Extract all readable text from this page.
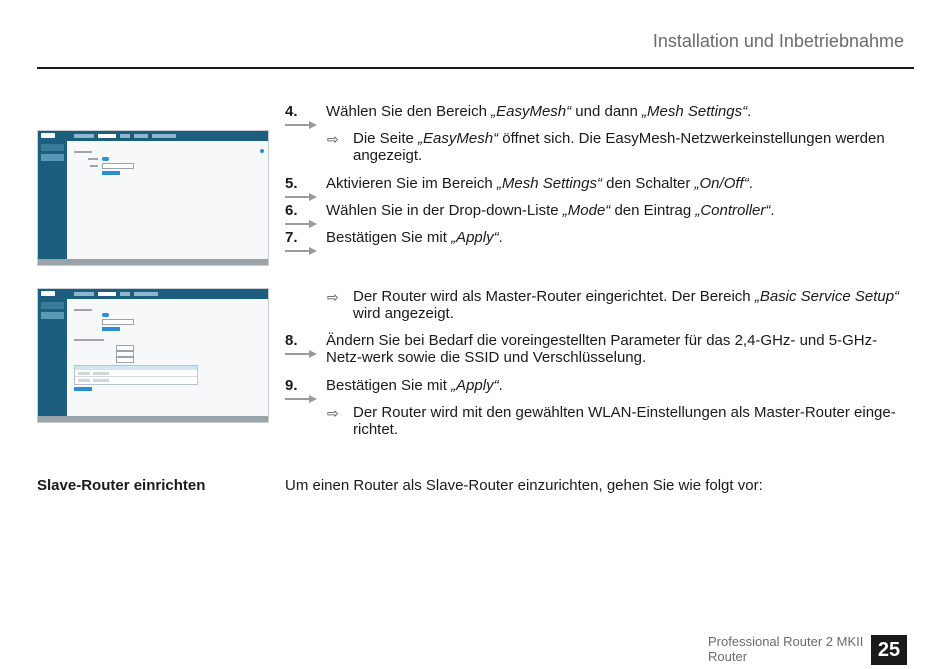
Installation und Inbetriebnahme
4.	Wählen Sie den Bereich „EasyMesh“ und dann „Mesh Settings“.
⇨ Die Seite „EasyMesh“ öffnet sich. Die EasyMesh-Netzwerkeinstellungen werden angezeigt.
5.	Aktivieren Sie im Bereich „Mesh Settings“ den Schalter „On/Off“.
6.	Wählen Sie in der Drop-down-Liste „Mode“ den Eintrag „Controller“.
7.	Bestätigen Sie mit „Apply“.
⇨ Der Router wird als Master-Router eingerichtet. Der Bereich „Basic Service Setup“ wird angezeigt.
8.	Ändern Sie bei Bedarf die voreingestellten Parameter für das 2,4-GHz- und 5-GHz-Netz-werk sowie die SSID und Verschlüsselung.
9.	Bestätigen Sie mit „Apply“.
⇨ Der Router wird mit den gewählten WLAN-Einstellungen als Master-Router einge-richtet.
Slave-Router einrichten	Um einen Router als Slave-Router einzurichten, gehen Sie wie folgt vor:
Professional Router 2 MKII
Router	25
